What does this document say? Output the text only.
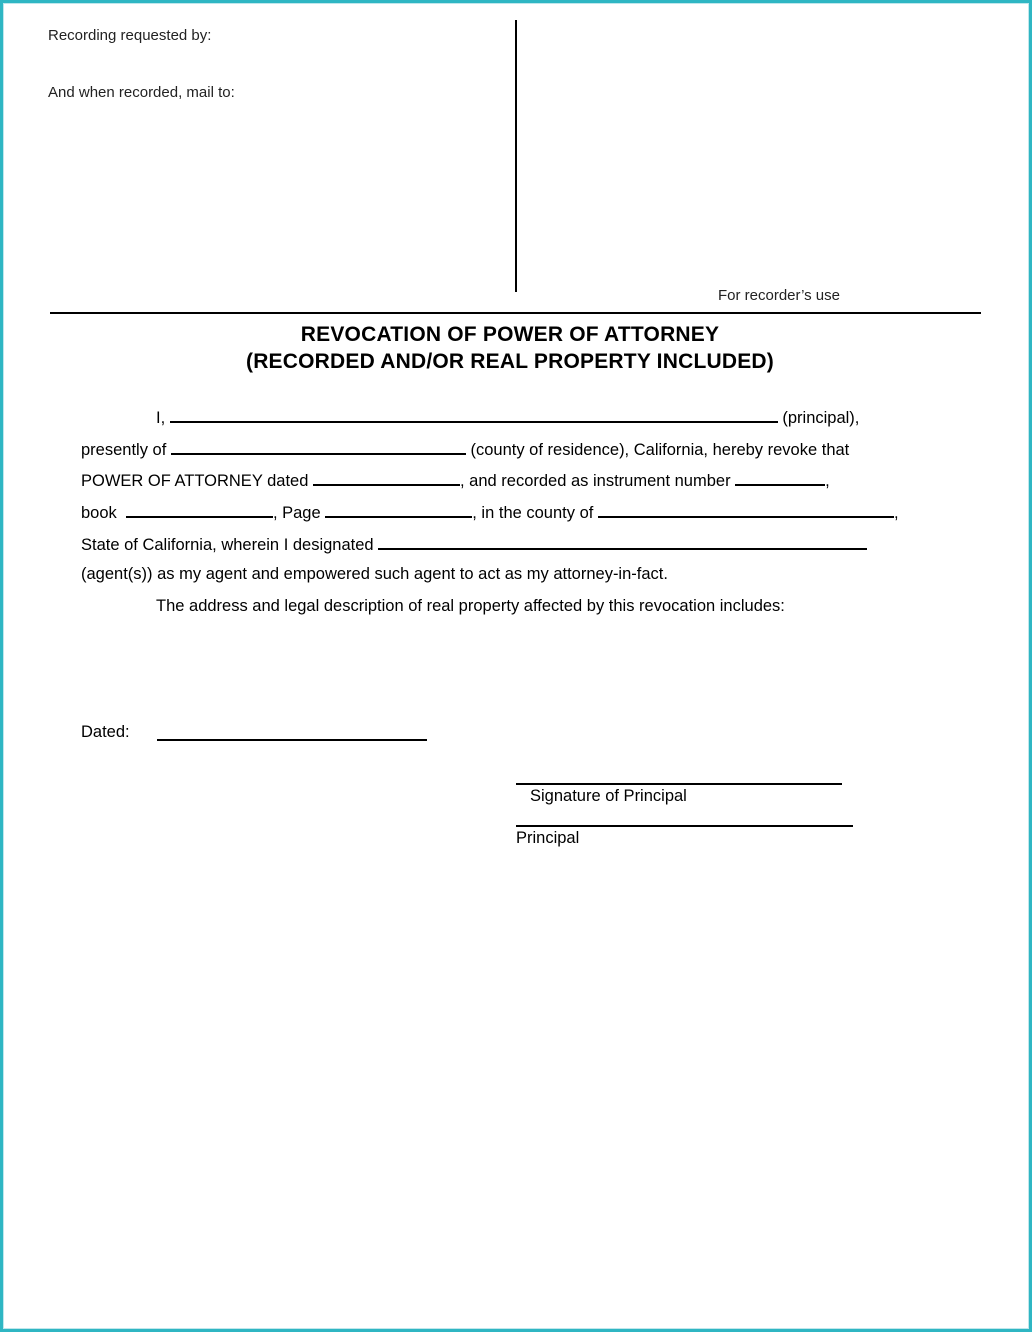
Recording requested by:
And when recorded, mail to:
For recorder’s use
REVOCATION OF POWER OF ATTORNEY
(RECORDED AND/OR REAL PROPERTY INCLUDED)
I,	(principal),
presently of	(county of residence), California, hereby revoke that
POWER OF ATTORNEY dated	, and recorded as instrument number	,
book	, Page	, in the county of	,
State of California, wherein I designated
(agent(s)) as my agent and empowered such agent to act as my attorney-in-fact.
The address and legal description of real property affected by this revocation includes:
Dated:
Signature of Principal
Principal
